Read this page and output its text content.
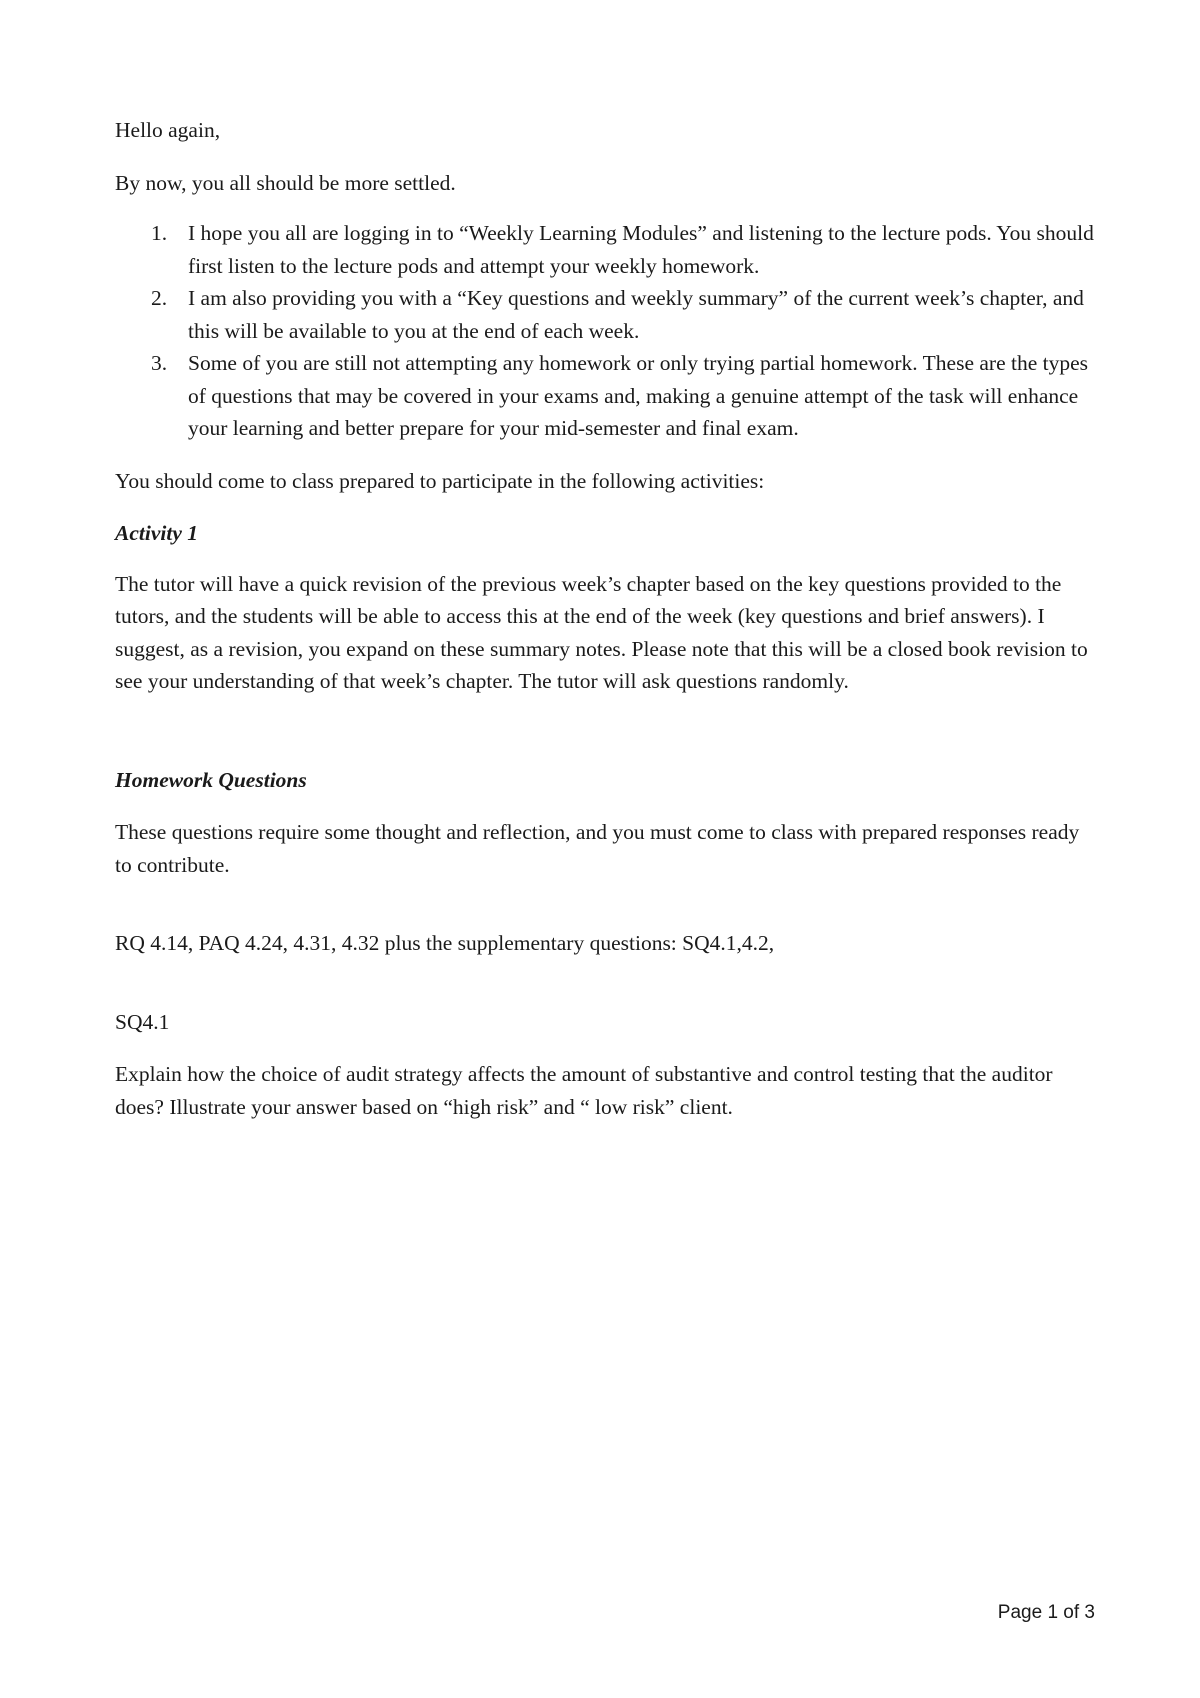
Hello again,

By now, you all should be more settled.

1. I hope you all are logging in to “Weekly Learning Modules” and listening to the lecture pods. You should first listen to the lecture pods and attempt your weekly homework.
2. I am also providing you with a “Key questions and weekly summary” of the current week’s chapter, and this will be available to you at the end of each week.
3. Some of you are still not attempting any homework or only trying partial homework. These are the types of questions that may be covered in your exams and, making a genuine attempt of the task will enhance your learning and better prepare for your mid-semester and final exam.

You should come to class prepared to participate in the following activities:

Activity 1

The tutor will have a quick revision of the previous week’s chapter based on the key questions provided to the tutors, and the students will be able to access this at the end of the week (key questions and brief answers). I suggest, as a revision, you expand on these summary notes. Please note that this will be a closed book revision to see your understanding of that week’s chapter. The tutor will ask questions randomly.

Homework Questions

These questions require some thought and reflection, and you must come to class with prepared responses ready to contribute.

RQ 4.14, PAQ 4.24, 4.31, 4.32 plus the supplementary questions: SQ4.1,4.2,

SQ4.1

Explain how the choice of audit strategy affects the amount of substantive and control testing that the auditor does? Illustrate your answer based on “high risk” and “ low risk” client.

Page 1 of 3
